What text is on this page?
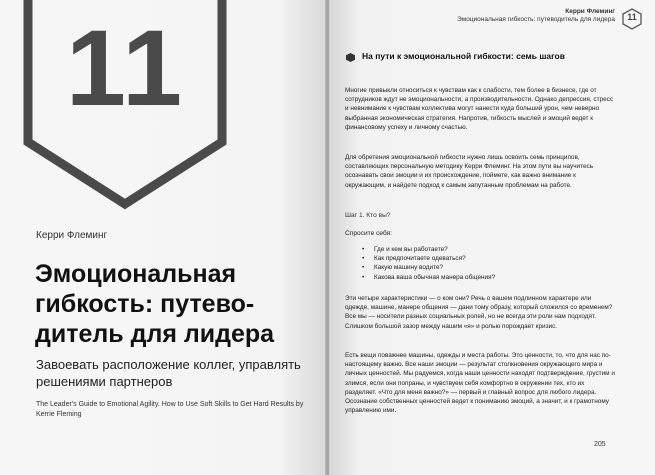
11
Керри Флеминг
Эмоциональная гибкость: путево-дитель для лидера
Завоевать расположение коллег, управлять решениями партнеров
The Leader's Guide to Emotional Agility. How to Use Soft Skills to Get Hard Results by Kerrie Fleming
Керри Флеминг
Эмоциональная гибкость: путеводитель для лидера	11
На пути к эмоциональной гибкости: семь шагов

Многие привыкли относиться к чувствам как к слабости, тем более в бизнесе, где от сотрудников ждут не эмоциональности, а производительности. Однако депрессия, стресс и невнимание к чувствам коллектива могут нанести куда больший урон, чем неверно выбранная экономическая стратегия. Напротив, гибкость мыслей и эмоций ведет к финансовому успеху и личному счастью.

Для обретения эмоциональной гибкости нужно лишь освоить семь принципов, составляющих персональную методику Керри Флеминг. На этом пути вы научитесь осознавать свои эмоции и их происхождение, поймете, как важно внимание к окружающим, и найдете подход к самым запутанным проблемам на работе.

Шаг 1. Кто вы?
Спросите себя:
• Где и кем вы работаете?
• Как предпочитаете одеваться?
• Какую машину водите?
• Какова ваша обычная манера общения?

Эти четыре характеристики — о ком они? Речь о вашем подлинном характере или одежде, машине, манере общения — дани тому образу, который сложился со временем? Все мы — носители разных социальных ролей, но не всегда эти роли нам подходят. Слишком большой зазор между нашим «я» и ролью порождает кризис.

Есть вещи поважнее машины, одежды и места работы. Это ценности, то, что для нас по-настоящему важно. Все наши эмоции — результат столкновения окружающего мира и личных ценностей. Мы радуемся, когда наши ценности находят подтверждение, грустим и злимся, если они попраны, и чувствуем себя комфортно в окружении тех, кто их разделяет. «Что для меня важно?» — первый и главный вопрос для любого лидера. Осознание собственных ценностей ведет к пониманию эмоций, а значит, и к грамотному управлению ими.

205
